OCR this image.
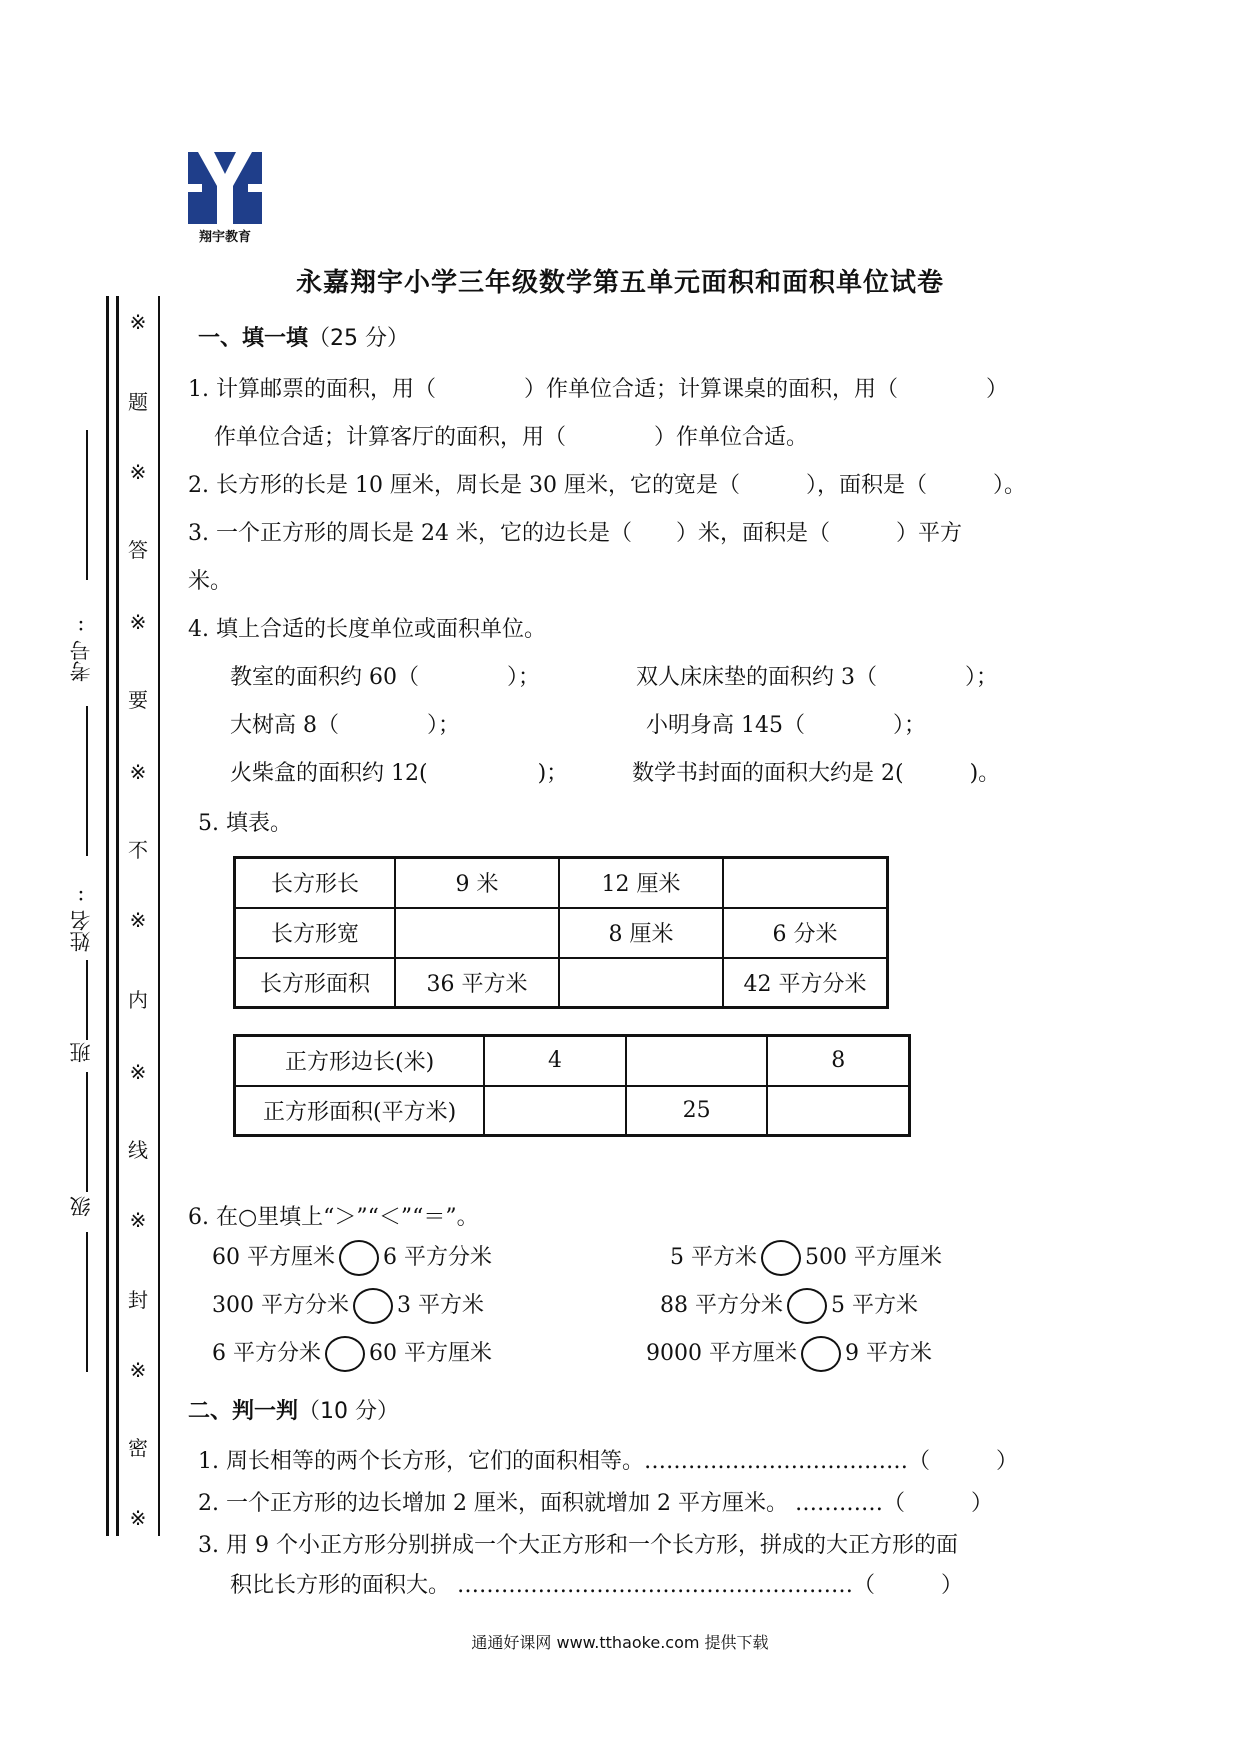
翔宇教育
永嘉翔宇小学三年级数学第五单元面积和面积单位试卷
※
题
※
答
※
要
※
不
※
内
※
线
※
封
※
密
※
考号:
姓名:
班
级
一、填一填（25 分）
1. 计算邮票的面积，用（　　　　）作单位合适；计算课桌的面积，用（　　　　）
作单位合适；计算客厅的面积，用（　　　　）作单位合适。
2. 长方形的长是 10 厘米，周长是 30 厘米，它的宽是（　　　），面积是（　　　）。
3. 一个正方形的周长是 24 米，它的边长是（　　）米，面积是（　　　）平方
米。
4. 填上合适的长度单位或面积单位。
教室的面积约 60（　　　　）；	双人床床垫的面积约 3（　　　　）；
大树高 8（　　　　）；	小明身高 145（　　　　）；
火柴盒的面积约 12(　　　　　)；	数学书封面的面积大约是 2(　　　)。
5. 填表。
长方形长	9 米	12 厘米	
长方形宽		8 厘米	6 分米
长方形面积	36 平方米		42 平方分米
正方形边长(米)	4		8
正方形面积(平方米)		25	
6. 在○里填上“＞”“＜”“＝”。
60 平方厘米 6 平方分米	5 平方米 500 平方厘米
300 平方分米 3 平方米	88 平方分米 5 平方米
6 平方分米 60 平方厘米	9000 平方厘米 9 平方米
二、判一判（10 分）
1. 周长相等的两个长方形，它们的面积相等。………………………………（　　　）
2. 一个正方形的边长增加 2 厘米，面积就增加 2 平方厘米。 …………（　　　）
3. 用 9 个小正方形分别拼成一个大正方形和一个长方形，拼成的大正方形的面
积比长方形的面积大。 ………………………………………………（　　　）
通通好课网 www.tthaoke.com 提供下载
